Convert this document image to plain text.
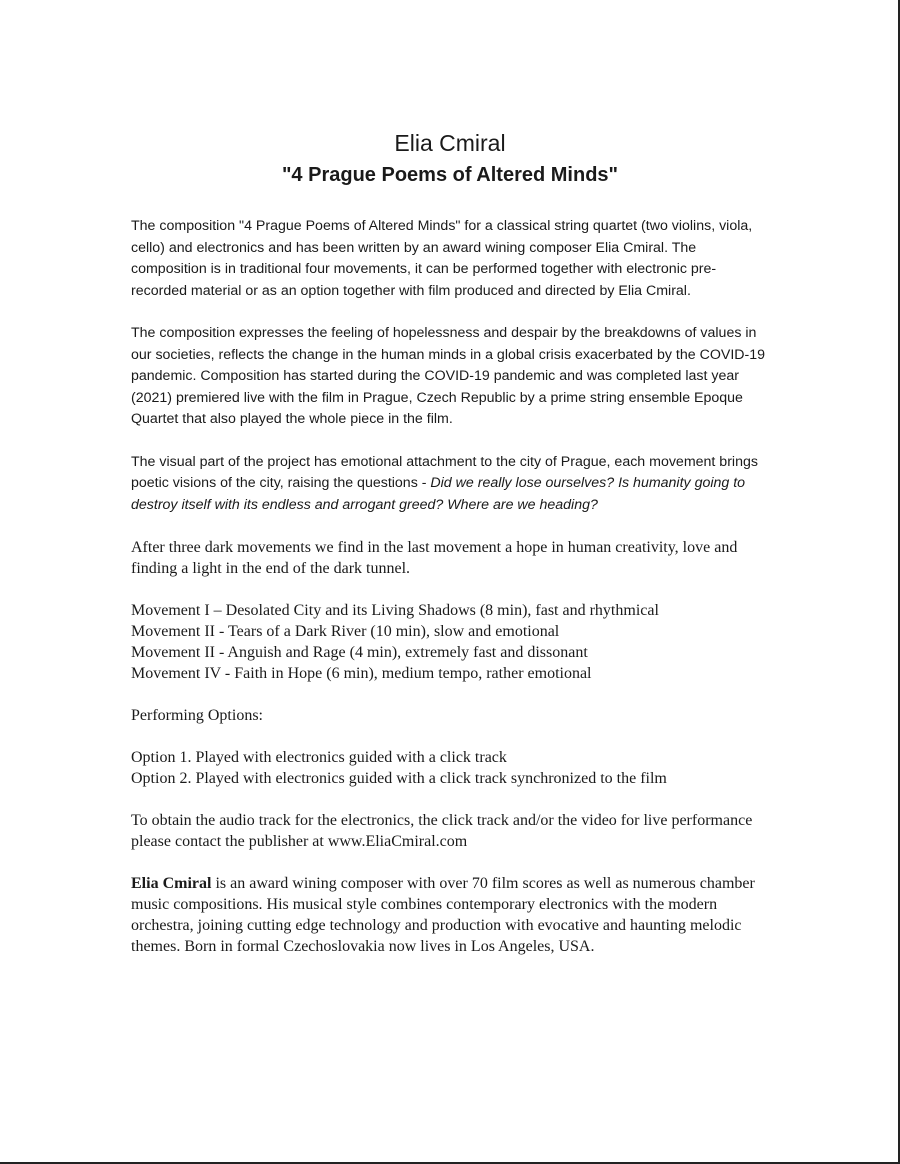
Elia Cmiral
"4 Prague Poems of Altered Minds"

The composition "4 Prague Poems of Altered Minds" for a classical string quartet (two violins, viola, cello) and electronics and has been written by an award wining composer Elia Cmiral. The composition is in traditional four movements, it can be performed together with electronic pre-recorded material or as an option together with film produced and directed by Elia Cmiral.

The composition expresses the feeling of hopelessness and despair by the breakdowns of values in our societies, reflects the change in the human minds in a global crisis exacerbated by the COVID-19 pandemic. Composition has started during the COVID-19 pandemic and was completed last year (2021) premiered live with the film in Prague, Czech Republic by a prime string ensemble Epoque Quartet that also played the whole piece in the film.

The visual part of the project has emotional attachment to the city of Prague, each movement brings poetic visions of the city, raising the questions - Did we really lose ourselves? Is humanity going to destroy itself with its endless and arrogant greed? Where are we heading?

After three dark movements we find in the last movement a hope in human creativity, love and finding a light in the end of the dark tunnel.

Movement I – Desolated City and its Living Shadows (8 min), fast and rhythmical
Movement II - Tears of a Dark River (10 min), slow and emotional
Movement II - Anguish and Rage (4 min), extremely fast and dissonant
Movement IV - Faith in Hope (6 min), medium tempo, rather emotional

Performing Options:

Option 1. Played with electronics guided with a click track
Option 2. Played with electronics guided with a click track synchronized to the film

To obtain the audio track for the electronics, the click track and/or the video for live performance please contact the publisher at www.EliaCmiral.com

Elia Cmiral is an award wining composer with over 70 film scores as well as numerous chamber music compositions. His musical style combines contemporary electronics with the modern orchestra, joining cutting edge technology and production with evocative and haunting melodic themes. Born in formal Czechoslovakia now lives in Los Angeles, USA.
